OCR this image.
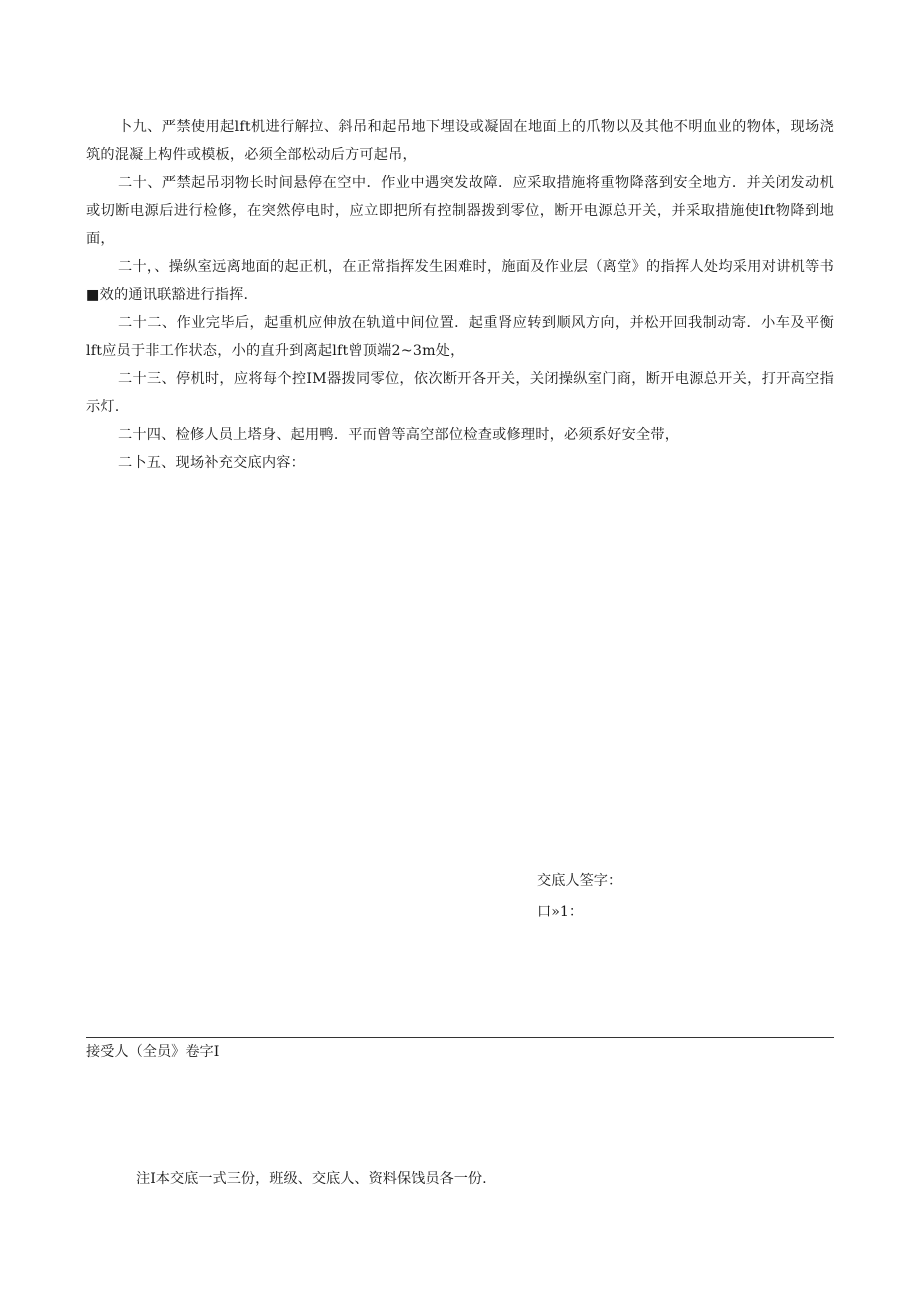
卜九、严禁使用起lft机进行解拉、斜吊和起吊地下埋设或凝固在地面上的爪物以及其他不明血业的物体，现场浇筑的混凝上构件或模板，必须全部松动后方可起吊，

二十、严禁起吊羽物长时间悬停在空中．作业中遇突发故障．应采取措施将重物降落到安全地方．并关闭发动机或切断电源后进行检修，在突然停电时，应立即把所有控制器拨到零位，断开电源总开关，并采取措施使lft物降到地面，

二十，、操纵室远离地面的起正机，在正常指挥发生困难时，施面及作业层（离堂》的指挥人处均采用对讲机等书■效的通讯联豁进行指挥.

二十二、作业完毕后，起重机应伸放在轨道中间位置．起重肾应转到顺风方向，并松开回我制动寄．小车及平衡lft应员于非工作状态，小的直升到离起lft曾顶端2~3m处，

二十三、停机时，应将每个控IM器拨同零位，依次断开各开关，关闭操纵室门商，断开电源总开关，打开高空指示灯.

二十四、检修人员上塔身、起用鸭．平而曾等高空部位检查或修理时，必须系好安全带，

二卜五、现场补充交底内容：

交底人筌字：
口»1：
接受人（全员》卷字I
注I本交底一式三份，班级、交底人、资料保饯员各一份.
